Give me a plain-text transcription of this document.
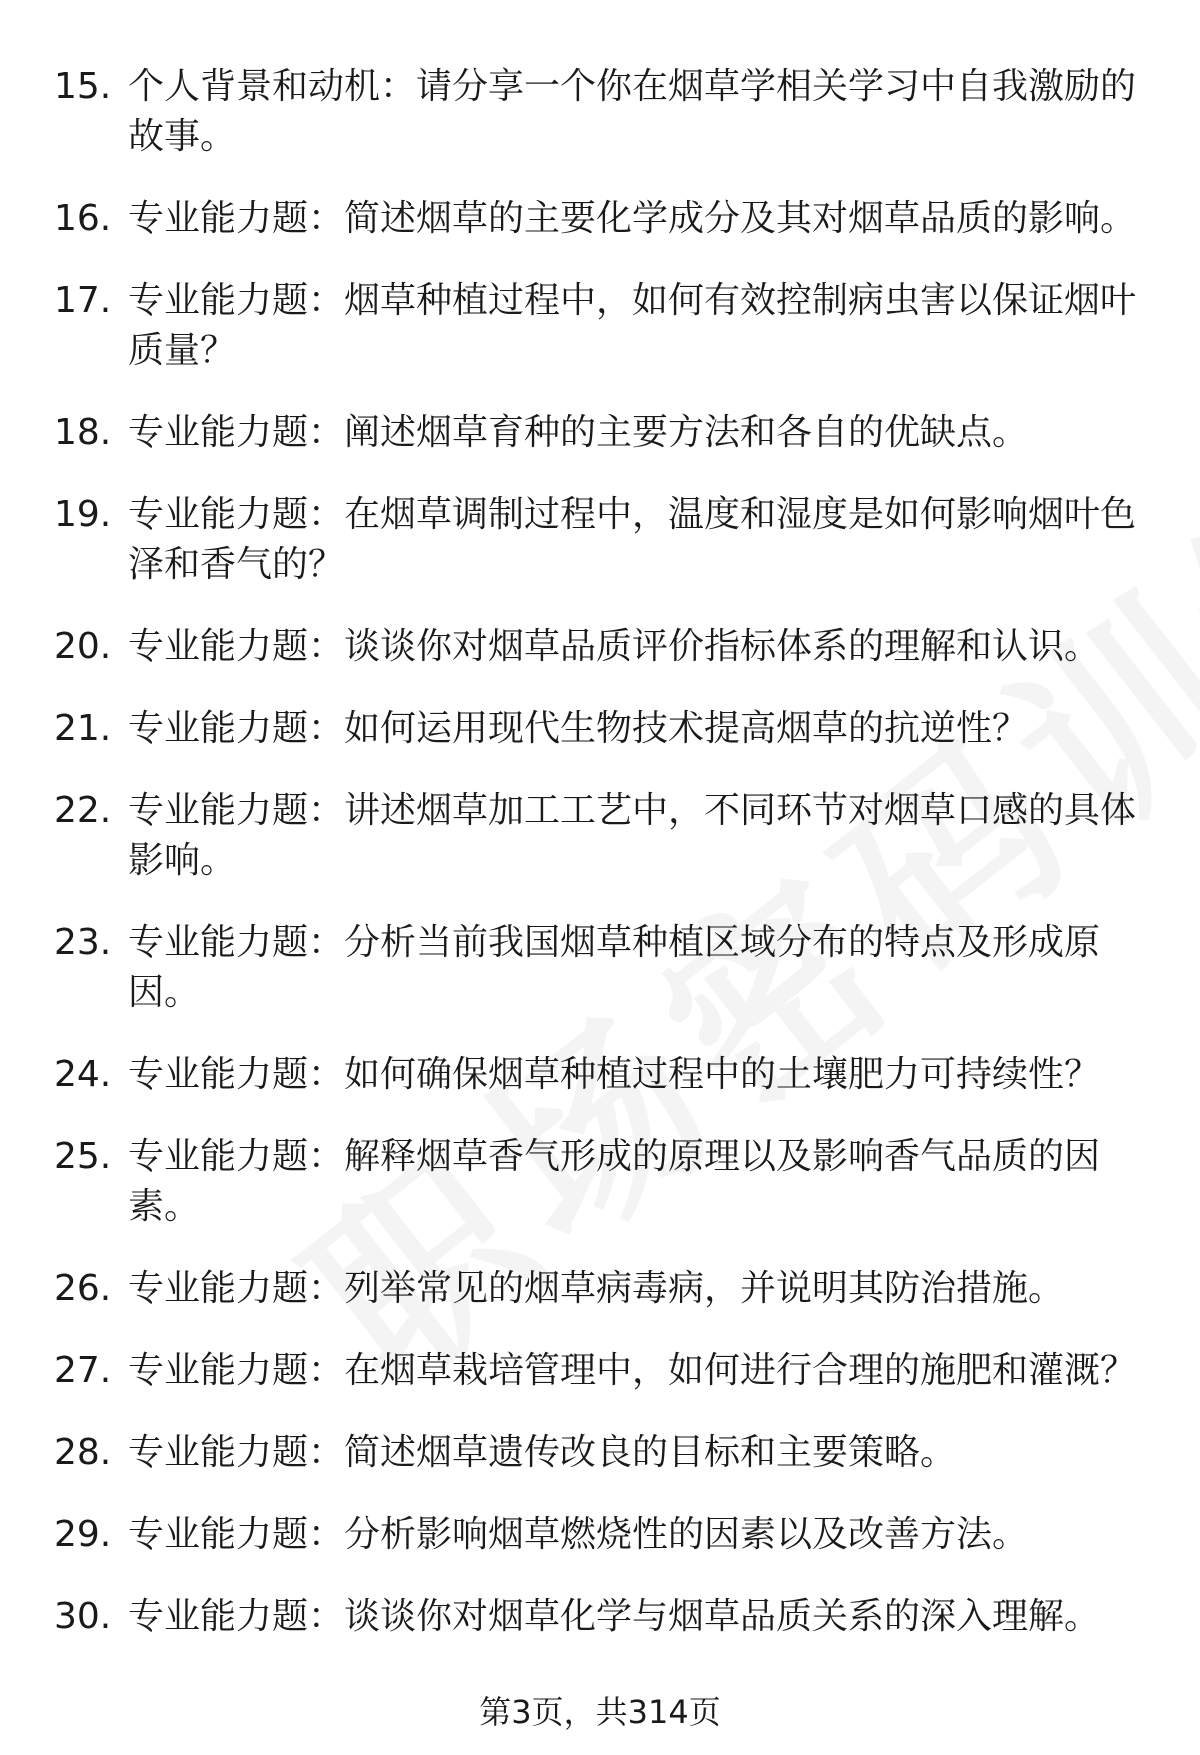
15. 个人背景和动机：请分享一个你在烟草学相关学习中自我激励的故事。
16. 专业能力题：简述烟草的主要化学成分及其对烟草品质的影响。
17. 专业能力题：烟草种植过程中，如何有效控制病虫害以保证烟叶质量？
18. 专业能力题：阐述烟草育种的主要方法和各自的优缺点。
19. 专业能力题：在烟草调制过程中，温度和湿度是如何影响烟叶色泽和香气的？
20. 专业能力题：谈谈你对烟草品质评价指标体系的理解和认识。
21. 专业能力题：如何运用现代生物技术提高烟草的抗逆性？
22. 专业能力题：讲述烟草加工工艺中，不同环节对烟草口感的具体影响。
23. 专业能力题：分析当前我国烟草种植区域分布的特点及形成原因。
24. 专业能力题：如何确保烟草种植过程中的土壤肥力可持续性？
25. 专业能力题：解释烟草香气形成的原理以及影响香气品质的因素。
26. 专业能力题：列举常见的烟草病毒病，并说明其防治措施。
27. 专业能力题：在烟草栽培管理中，如何进行合理的施肥和灌溉？
28. 专业能力题：简述烟草遗传改良的目标和主要策略。
29. 专业能力题：分析影响烟草燃烧性的因素以及改善方法。
30. 专业能力题：谈谈你对烟草化学与烟草品质关系的深入理解。
第3页，共314页
